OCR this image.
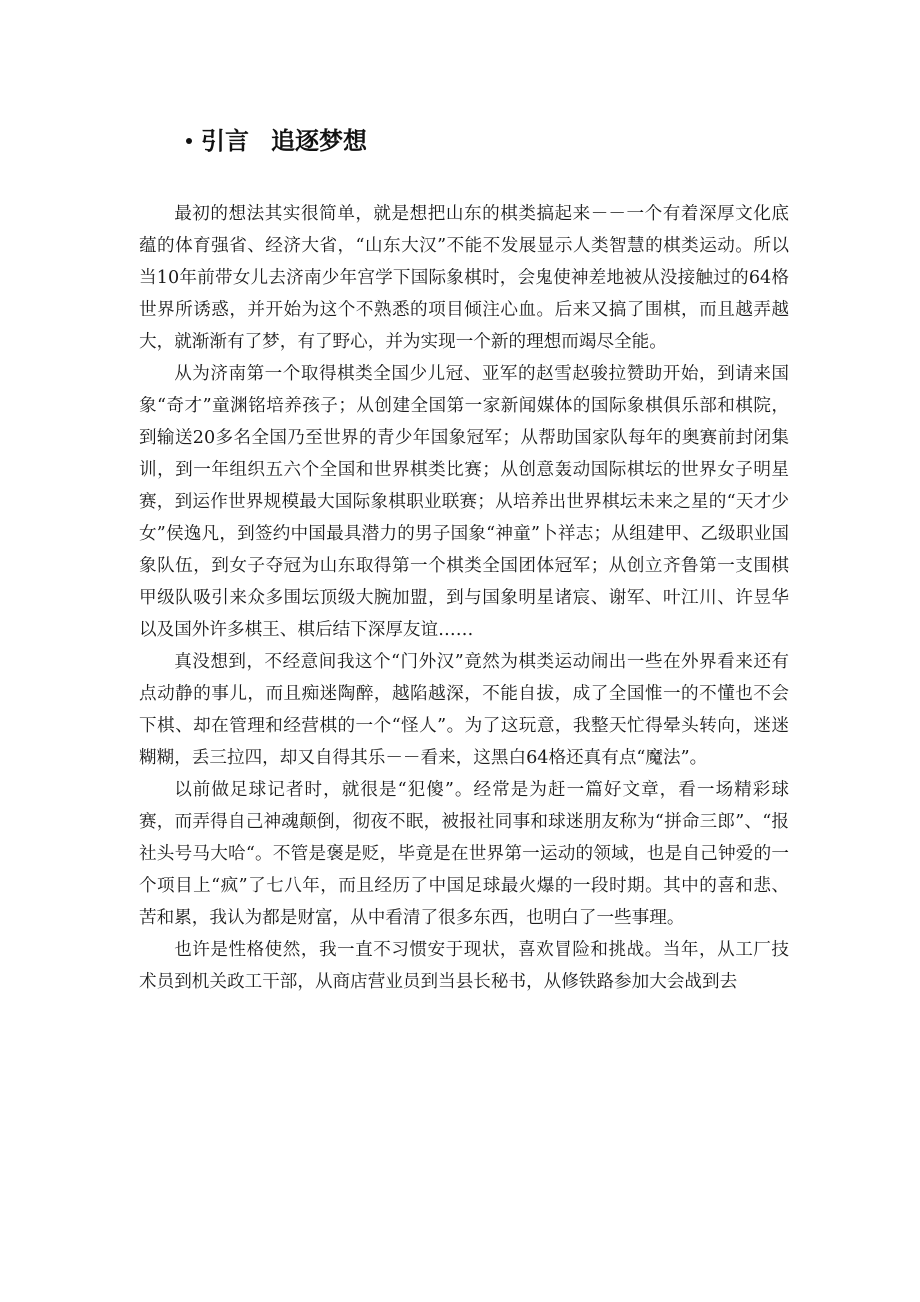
引言 追逐梦想

最初的想法其实很简单，就是想把山东的棋类搞起来－－一个有着深厚文化底蕴的体育强省、经济大省，“山东大汉”不能不发展显示人类智慧的棋类运动。所以当10年前带女儿去济南少年宫学下国际象棋时，会鬼使神差地被从没接触过的64格世界所诱惑，并开始为这个不熟悉的项目倾注心血。后来又搞了围棋，而且越弄越大，就渐渐有了梦，有了野心，并为实现一个新的理想而竭尽全能。

从为济南第一个取得棋类全国少儿冠、亚军的赵雪赵骏拉赞助开始，到请来国象“奇才”童渊铭培养孩子；从创建全国第一家新闻媒体的国际象棋俱乐部和棋院，到输送20多名全国乃至世界的青少年国象冠军；从帮助国家队每年的奥赛前封闭集训，到一年组织五六个全国和世界棋类比赛；从创意轰动国际棋坛的世界女子明星赛，到运作世界规模最大国际象棋职业联赛；从培养出世界棋坛未来之星的“天才少女”侯逸凡，到签约中国最具潜力的男子国象“神童”卜祥志；从组建甲、乙级职业国象队伍，到女子夺冠为山东取得第一个棋类全国团体冠军；从创立齐鲁第一支围棋甲级队吸引来众多围坛顶级大腕加盟，到与国象明星诸宸、谢军、叶江川、许昱华以及国外许多棋王、棋后结下深厚友谊……

真没想到，不经意间我这个“门外汉”竟然为棋类运动闹出一些在外界看来还有点动静的事儿，而且痴迷陶醉，越陷越深，不能自拔，成了全国惟一的不懂也不会下棋、却在管理和经营棋的一个“怪人”。为了这玩意，我整天忙得晕头转向，迷迷糊糊，丢三拉四，却又自得其乐－－看来，这黑白64格还真有点“魔法”。

以前做足球记者时，就很是“犯傻”。经常是为赶一篇好文章，看一场精彩球赛，而弄得自己神魂颠倒，彻夜不眠，被报社同事和球迷朋友称为“拼命三郎”、“报社头号马大哈“。不管是褒是贬，毕竟是在世界第一运动的领域，也是自己钟爱的一个项目上“疯”了七八年，而且经历了中国足球最火爆的一段时期。其中的喜和悲、苦和累，我认为都是财富，从中看清了很多东西，也明白了一些事理。

也许是性格使然，我一直不习惯安于现状，喜欢冒险和挑战。当年，从工厂技术员到机关政工干部，从商店营业员到当县长秘书，从修铁路参加大会战到去
